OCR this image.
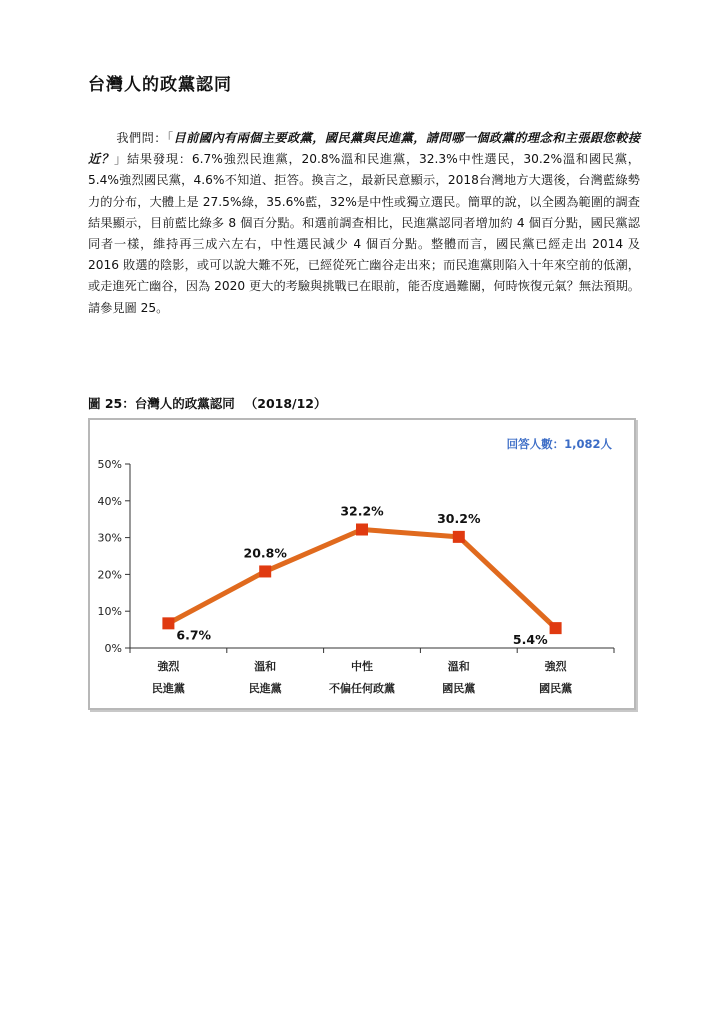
台灣人的政黨認同
我們問：「目前國內有兩個主要政黨，國民黨與民進黨，請問哪一個政黨的理念和主張跟您較接近？」結果發現：6.7%強烈民進黨，20.8%溫和民進黨，32.3%中性選民，30.2%溫和國民黨，5.4%強烈國民黨，4.6%不知道、拒答。換言之，最新民意顯示，2018台灣地方大選後，台灣藍綠勢力的分布，大體上是 27.5%綠，35.6%藍，32%是中性或獨立選民。簡單的說，以全國為範圍的調查結果顯示，目前藍比綠多 8 個百分點。和選前調查相比，民進黨認同者增加約 4 個百分點，國民黨認同者一樣，維持再三成六左右，中性選民減少 4 個百分點。整體而言，國民黨已經走出 2014 及 2016 敗選的陰影，或可以說大難不死，已經從死亡幽谷走出來；而民進黨則陷入十年來空前的低潮，或走進死亡幽谷，因為 2020 更大的考驗與挑戰已在眼前，能否度過難關，何時恢復元氣？無法預期。請參見圖 25。
圖 25：台灣人的政黨認同 （2018/12）
回答人數：1,082人
0%
10%
20%
30%
40%
50%
強烈
民進黨
溫和
民進黨
中性
不偏任何政黨
溫和
國民黨
強烈
國民黨
6.7%
20.8%
32.2%	30.2%
5.4%
